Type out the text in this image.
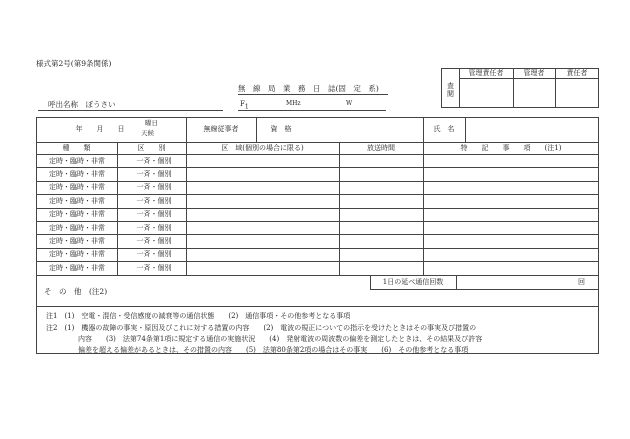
様式第2号(第9条関係)
無　線　局　業　務　日　誌(固　定　系)
呼出名称　ぼうさい	$F_1$	MHz	W
査閲
管理責任者	管理者	責任者
年　　月　　日
曜日
天候	無線従事者	資　格	氏　名
種　　類	区　　別	区　域(個別の場合に限る)	放送時間	特　　記　　事　　項　　(注1)
定時・臨時・非常	一斉・個別
定時・臨時・非常	一斉・個別
定時・臨時・非常	一斉・個別
定時・臨時・非常	一斉・個別
定時・臨時・非常	一斉・個別
定時・臨時・非常	一斉・個別
定時・臨時・非常	一斉・個別
定時・臨時・非常	一斉・個別
定時・臨時・非常	一斉・個別
そ　の　他　(注2)
1日の延べ通信回数	回
注1　(1)　空電・混信・受信感度の減衰等の通信状態　　(2)　通信事項・その他参考となる事項
注2　(1)　機器の故障の事実・原因及びこれに対する措置の内容　　(2)　電波の規正についての指示を受けたときはその事実及び措置の
内容　　(3)　法第74条第1項に規定する通信の実施状況　　(4)　発射電波の周波数の偏差を測定したときは、その結果及び許容
偏差を超える偏差があるときは、その措置の内容　　(5)　法第80条第2項の場合はその事実　　(6)　その他参考となる事項
